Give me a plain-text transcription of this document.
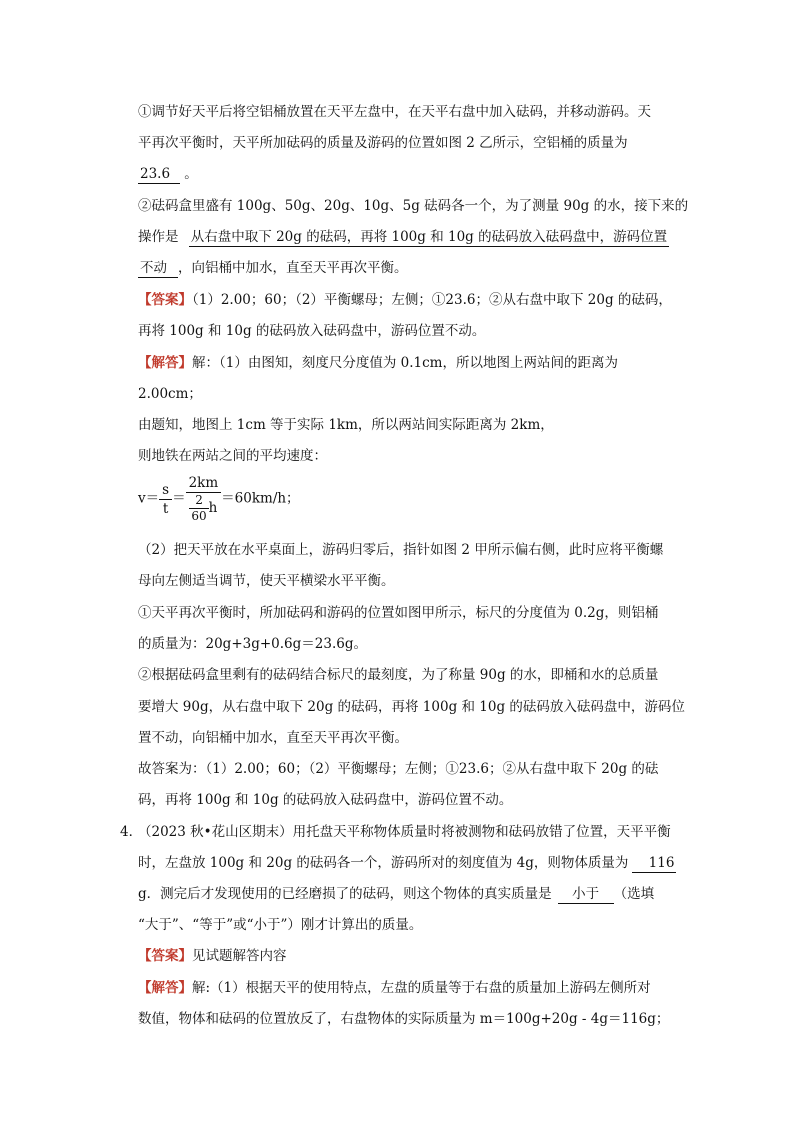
①调节好天平后将空铝桶放置在天平左盘中，在天平右盘中加入砝码，并移动游码。天
平再次平衡时，天平所加砝码的质量及游码的位置如图 2 乙所示，空铝桶的质量为
23.6 。
②砝码盒里盛有 100g、50g、20g、10g、5g 砝码各一个，为了测量 90g 的水，接下来的
操作是 从右盘中取下 20g 的砝码，再将 100g 和 10g 的砝码放入砝码盘中，游码位置
不动 ，向铝桶中加水，直至天平再次平衡。
【答案】（1）2.00；60；（2）平衡螺母；左侧；①23.6；②从右盘中取下 20g 的砝码，
再将 100g 和 10g 的砝码放入砝码盘中，游码位置不动。
【解答】解：（1）由图知，刻度尺分度值为 0.1cm，所以地图上两站间的距离为
2.00cm；
由题知，地图上 1cm 等于实际 1km，所以两站间实际距离为 2km，
则地铁在两站之间的平均速度：
$v= \frac{s}{t} = \frac{2km}{\frac{2}{60} h} =60km/h$；
（2）把天平放在水平桌面上，游码归零后，指针如图 2 甲所示偏右侧，此时应将平衡螺
母向左侧适当调节，使天平横梁水平平衡。
①天平再次平衡时，所加砝码和游码的位置如图甲所示，标尺的分度值为 0.2g，则铝桶
的质量为：20g+3g+0.6g＝23.6g。
②根据砝码盒里剩有的砝码结合标尺的最刻度，为了称量 90g 的水，即桶和水的总质量
要增大 90g，从右盘中取下 20g 的砝码，再将 100g 和 10g 的砝码放入砝码盘中，游码位
置不动，向铝桶中加水，直至天平再次平衡。
故答案为：（1）2.00；60；（2）平衡螺母；左侧；①23.6；②从右盘中取下 20g 的砝
码，再将 100g 和 10g 的砝码放入砝码盘中，游码位置不动。
4．
（2023 秋•花山区期末）用托盘天平称物体质量时将被测物和砝码放错了位置，天平平衡
时，左盘放 100g 和 20g 的砝码各一个，游码所对的刻度值为 4g，则物体质量为 116
g．测完后才发现使用的已经磨损了的砝码，则这个物体的真实质量是 小于 （选填
“大于”、“等于”或“小于”）刚才计算出的质量。
【答案】见试题解答内容
【解答】解:（1）根据天平的使用特点，左盘的质量等于右盘的质量加上游码左侧所对
数值，物体和砝码的位置放反了，右盘物体的实际质量为 m＝100g+20g - 4g＝116g；
